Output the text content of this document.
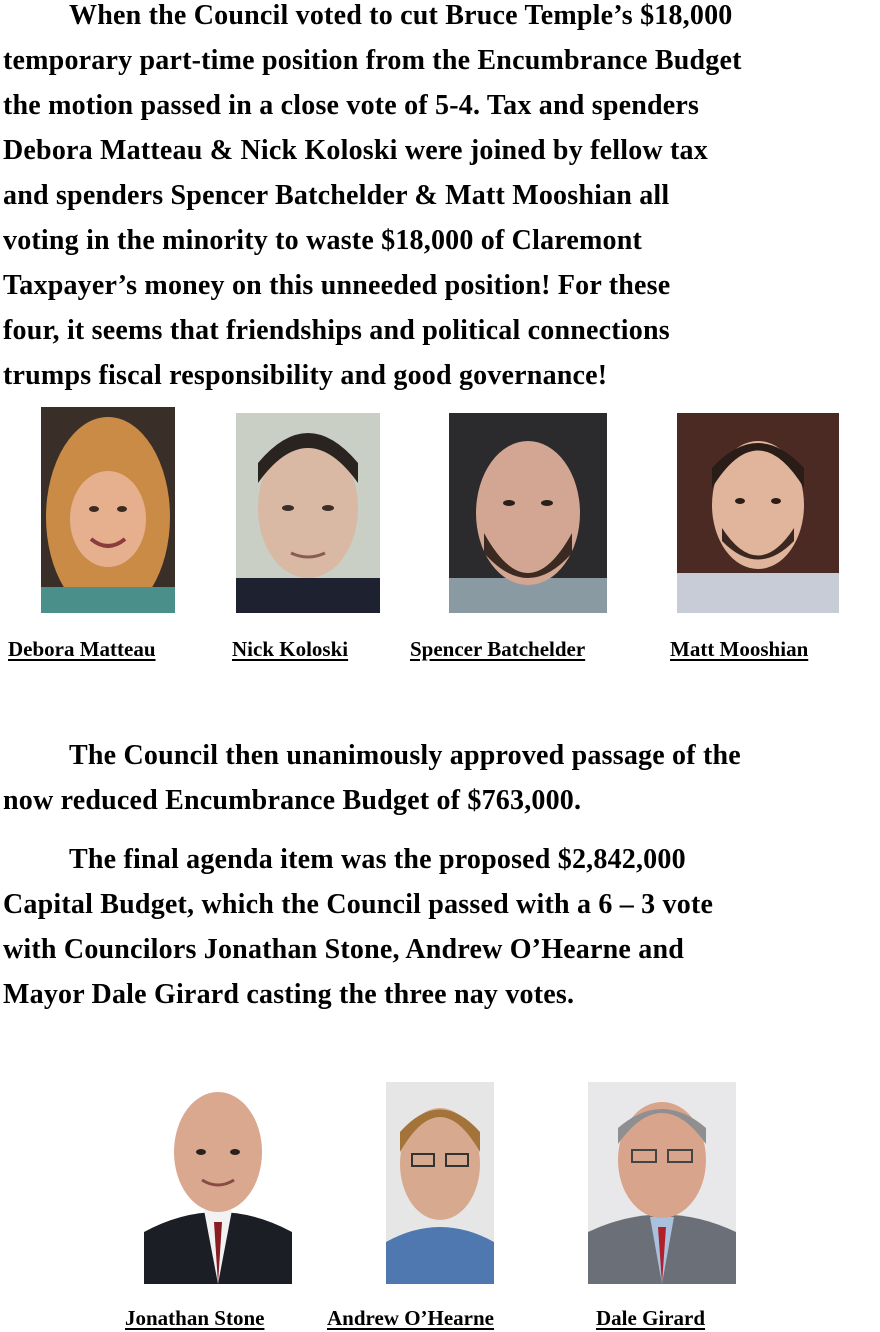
When the Council voted to cut Bruce Temple’s $18,000
temporary part-time position from the Encumbrance Budget
the motion passed in a close vote of 5-4. Tax and spenders
Debora Matteau & Nick Koloski were joined by fellow tax
and spenders Spencer Batchelder & Matt Mooshian all
voting in the minority to waste $18,000 of Claremont
Taxpayer’s money on this unneeded position! For these
four, it seems that friendships and political connections
trumps fiscal responsibility and good governance!

Debora Matteau	Nick Koloski	Spencer Batchelder	Matt Mooshian

The Council then unanimously approved passage of the
now reduced Encumbrance Budget of $763,000.

The final agenda item was the proposed $2,842,000
Capital Budget, which the Council passed with a 6 – 3 vote
with Councilors Jonathan Stone, Andrew O’Hearne and
Mayor Dale Girard casting the three nay votes.

Jonathan Stone	Andrew O’Hearne	Dale Girard
